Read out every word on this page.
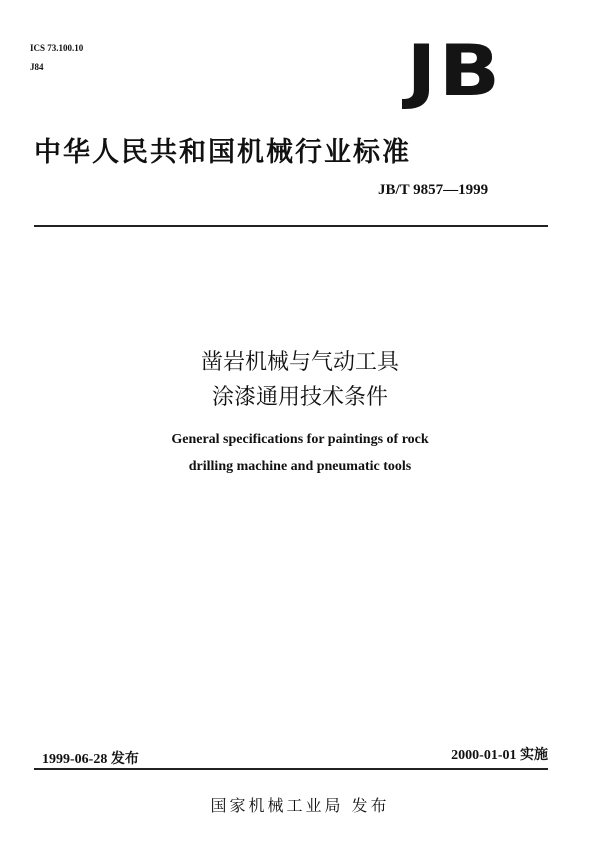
ICS 73.100.10
J84	JB
中华人民共和国机械行业标准
JB/T 9857—1999
凿岩机械与气动工具
涂漆通用技术条件
General specifications for paintings of rock
drilling machine and pneumatic tools
1999-06-28 发布	2000-01-01 实施
国家机械工业局 发布
